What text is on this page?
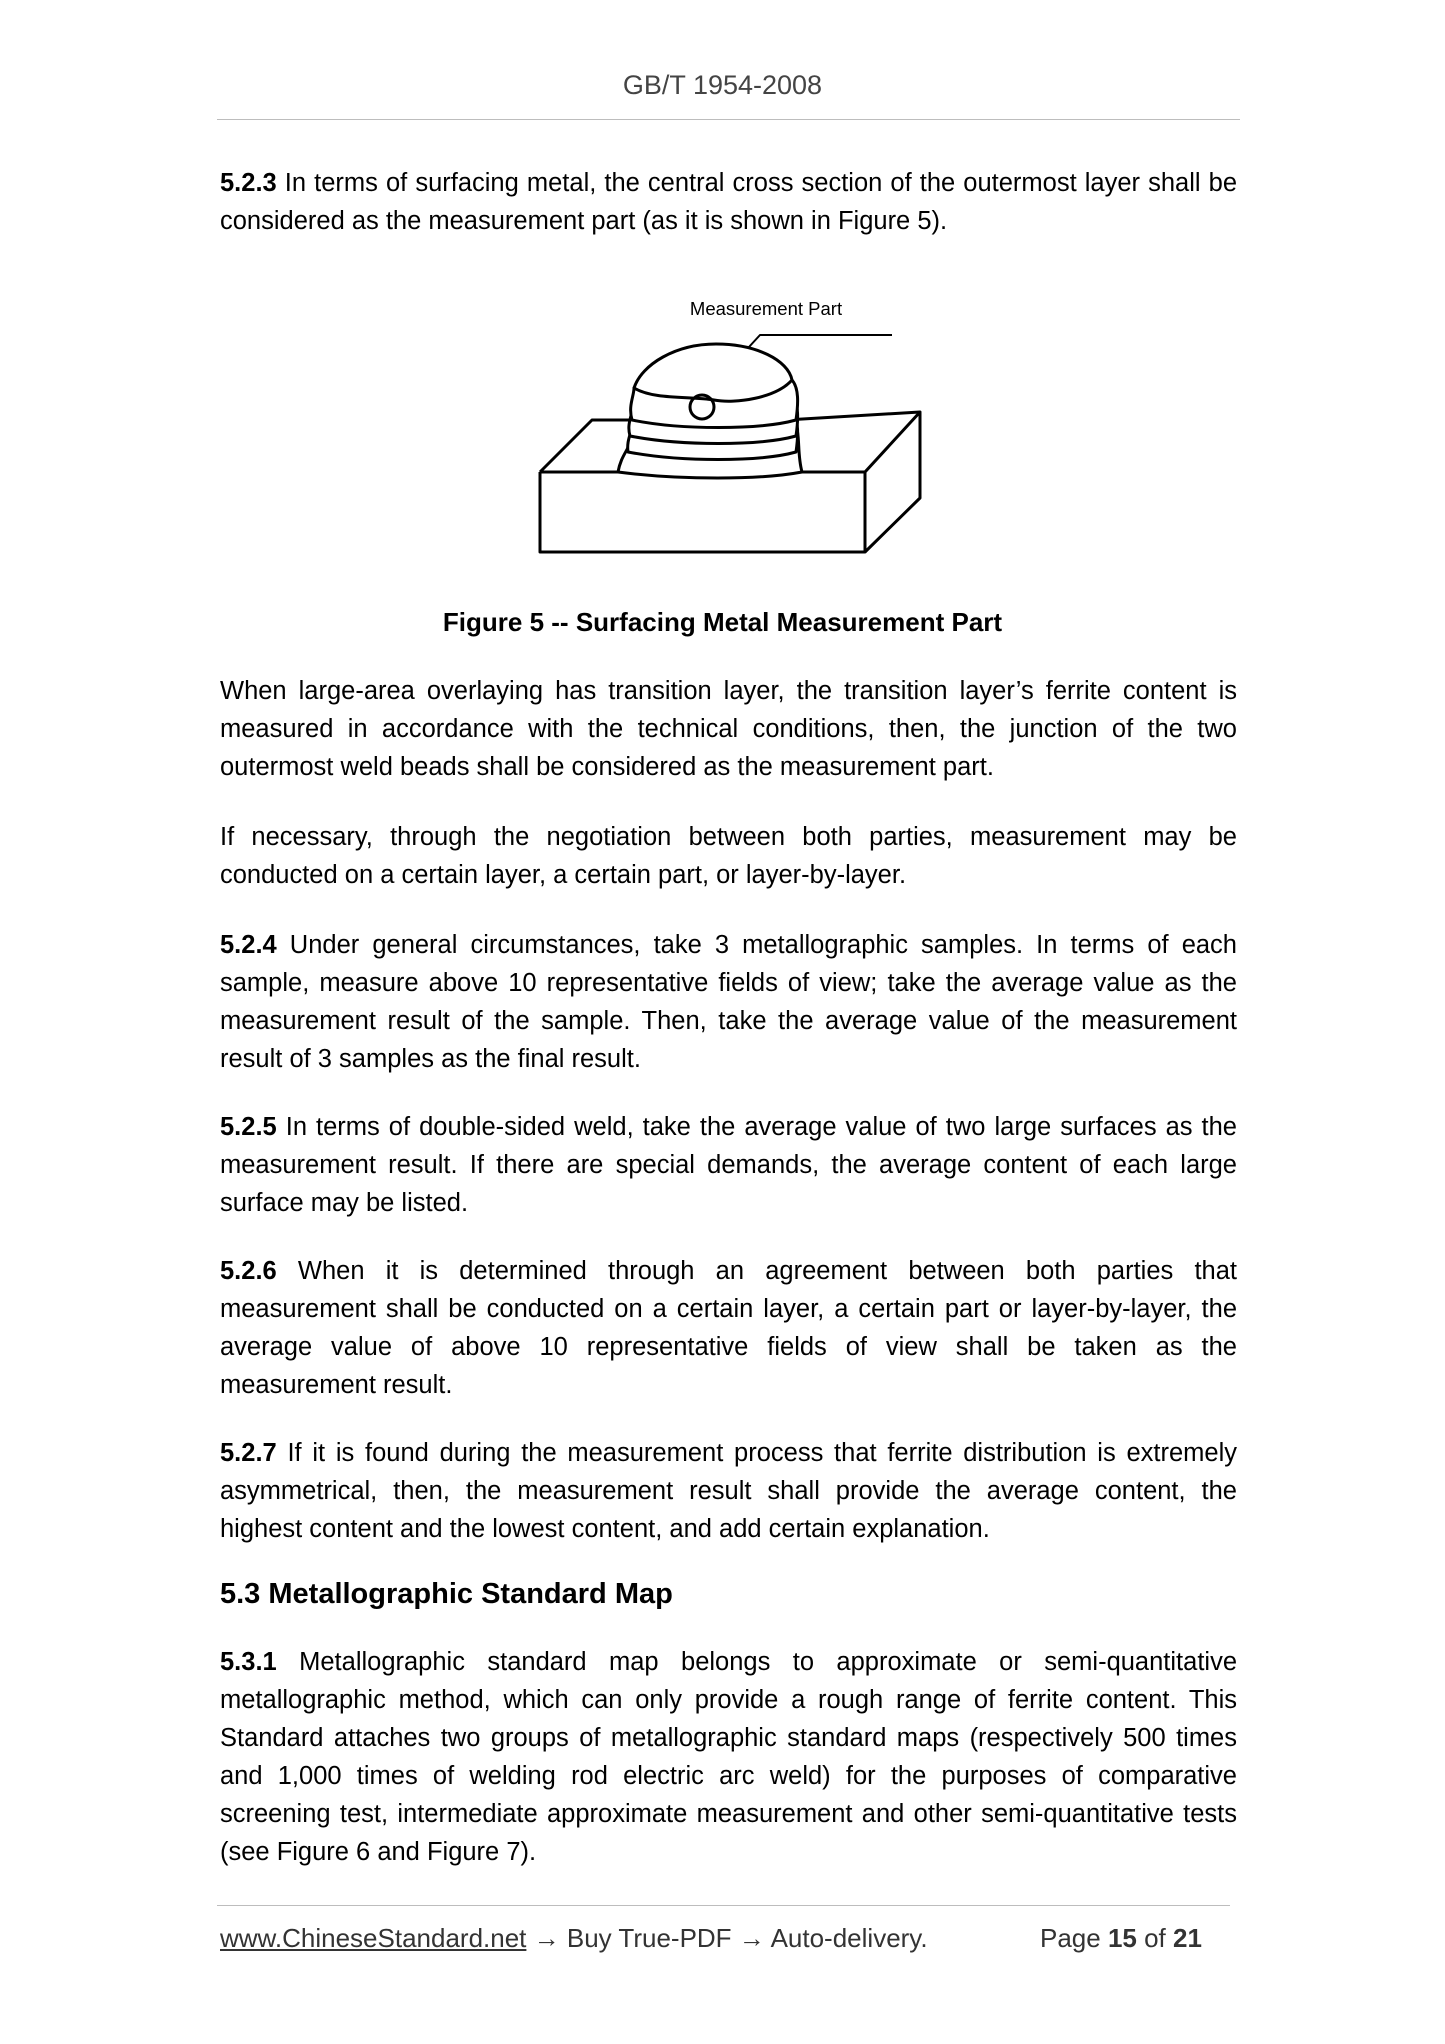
GB/T 1954-2008

5.2.3 In terms of surfacing metal, the central cross section of the outermost layer shall be considered as the measurement part (as it is shown in Figure 5).

Measurement Part
Figure 5 -- Surfacing Metal Measurement Part

When large-area overlaying has transition layer, the transition layer’s ferrite content is measured in accordance with the technical conditions, then, the junction of the two outermost weld beads shall be considered as the measurement part.

If necessary, through the negotiation between both parties, measurement may be conducted on a certain layer, a certain part, or layer-by-layer.

5.2.4 Under general circumstances, take 3 metallographic samples. In terms of each sample, measure above 10 representative fields of view; take the average value as the measurement result of the sample. Then, take the average value of the measurement result of 3 samples as the final result.

5.2.5 In terms of double-sided weld, take the average value of two large surfaces as the measurement result. If there are special demands, the average content of each large surface may be listed.

5.2.6 When it is determined through an agreement between both parties that measurement shall be conducted on a certain layer, a certain part or layer-by-layer, the average value of above 10 representative fields of view shall be taken as the measurement result.

5.2.7 If it is found during the measurement process that ferrite distribution is extremely asymmetrical, then, the measurement result shall provide the average content, the highest content and the lowest content, and add certain explanation.

5.3 Metallographic Standard Map

5.3.1 Metallographic standard map belongs to approximate or semi-quantitative metallographic method, which can only provide a rough range of ferrite content. This Standard attaches two groups of metallographic standard maps (respectively 500 times and 1,000 times of welding rod electric arc weld) for the purposes of comparative screening test, intermediate approximate measurement and other semi-quantitative tests (see Figure 6 and Figure 7).

www.ChineseStandard.net → Buy True-PDF → Auto-delivery.	Page 15 of 21
